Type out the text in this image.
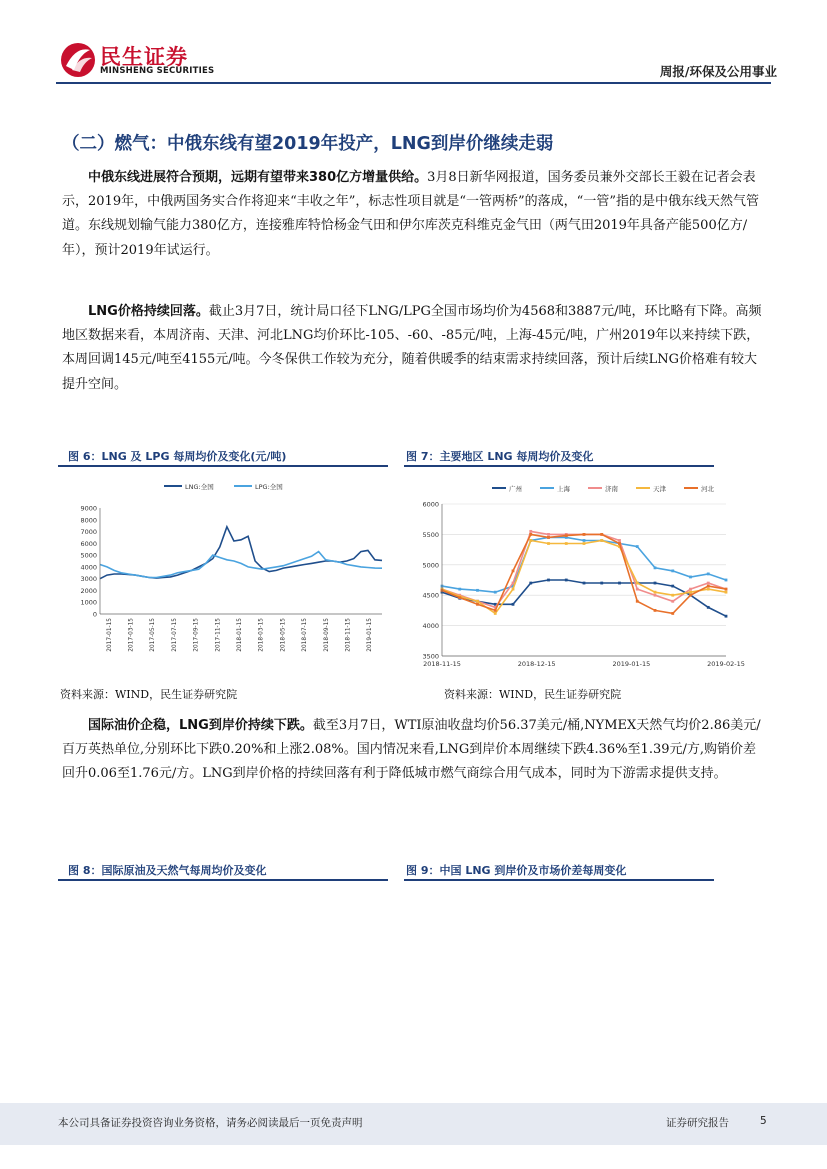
民生证券
MINSHENG SECURITIES	周报/环保及公用事业
（二）燃气：中俄东线有望2019年投产，LNG到岸价继续走弱
中俄东线进展符合预期，远期有望带来380亿方增量供给。3月8日新华网报道，国务委员兼外交部长王毅在记者会表示，2019年，中俄两国务实合作将迎来“丰收之年”，标志性项目就是“一管两桥”的落成，“一管”指的是中俄东线天然气管道。东线规划输气能力380亿方，连接雅库特恰杨金气田和伊尔库茨克科维克金气田（两气田2019年具备产能500亿方/年），预计2019年试运行。
LNG价格持续回落。截止3月7日，统计局口径下LNG/LPG全国市场均价为4568和3887元/吨，环比略有下降。高频地区数据来看，本周济南、天津、河北LNG均价环比-105、-60、-85元/吨，上海-45元/吨，广州2019年以来持续下跌，本周回调145元/吨至4155元/吨。今冬保供工作较为充分，随着供暖季的结束需求持续回落，预计后续LNG价格难有较大提升空间。
图 6：LNG 及 LPG 每周均价及变化(元/吨)	图 7：主要地区 LNG 每周均价及变化
LNG:全国	LPG:全国
0
1000
2000
3000
4000
5000
6000
7000
8000
9000
2017-01-15	2017-03-15	2017-05-15	2017-07-15	2017-09-15	2017-11-15	2018-01-15	2018-03-15	2018-05-15	2018-07-15	2018-09-15	2018-11-15	2019-01-15
广州	上海	济南	天津	河北
3500
4000
4500
5000
5500
6000
2018-11-15	2018-12-15	2019-01-15	2019-02-15
资料来源：WIND，民生证券研究院	资料来源：WIND，民生证券研究院
国际油价企稳，LNG到岸价持续下跌。截至3月7日，WTI原油收盘均价56.37美元/桶,NYMEX天然气均价2.86美元/百万英热单位,分别环比下跌0.20%和上涨2.08%。国内情况来看,LNG到岸价本周继续下跌4.36%至1.39元/方,购销价差回升0.06至1.76元/方。LNG到岸价格的持续回落有利于降低城市燃气商综合用气成本，同时为下游需求提供支持。
图 8：国际原油及天然气每周均价及变化	图 9：中国 LNG 到岸价及市场价差每周变化
本公司具备证券投资咨询业务资格，请务必阅读最后一页免责声明	证券研究报告	5
